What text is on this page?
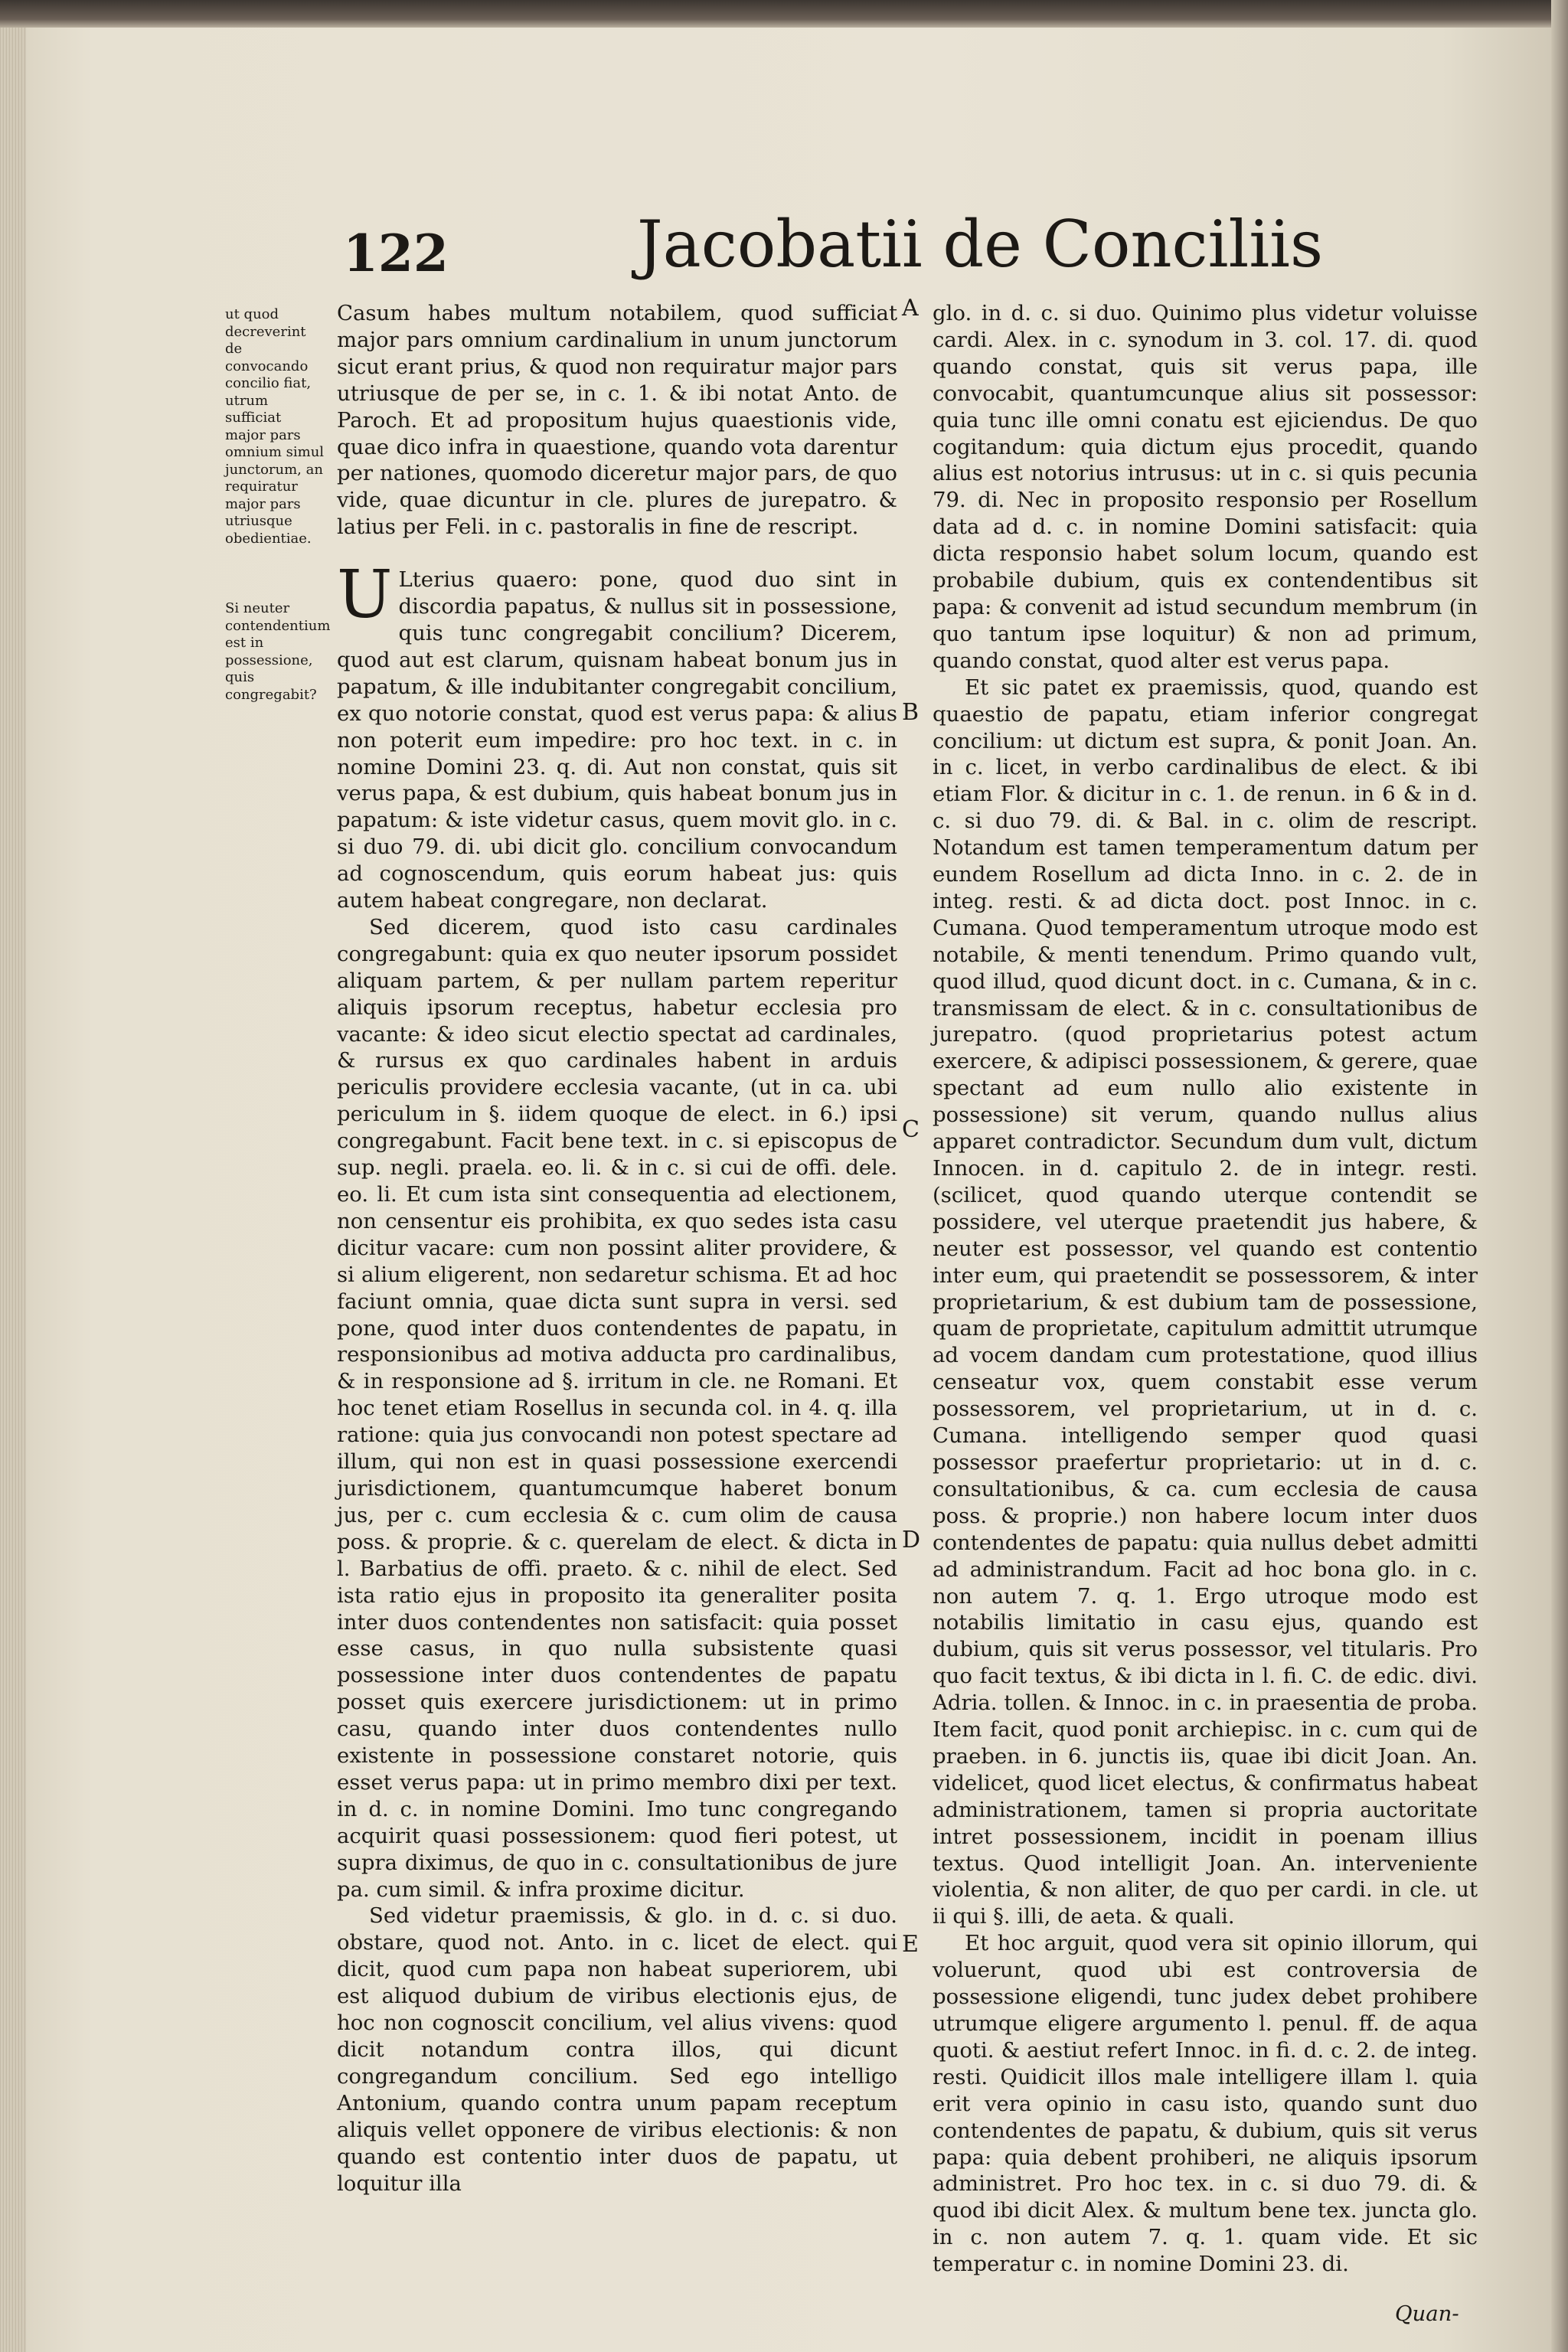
122	Jacobatii de Conciliis
ut quod decreverint de convocando concilio fiat, utrum sufficiat major pars omnium simul junctorum, an requiratur major pars utriusque obedientiae.
Si neuter contendentium est in possessione, quis congregabit?

Casum habes multum notabilem, quod sufficiat major pars omnium cardinalium in unum junctorum sicut erant prius, & quod non requiratur major pars utriusque de per se, in c. 1. & ibi notat Anto. de Paroch. Et ad propositum hujus quaestionis vide, quae dico infra in quaestione, quando vota darentur per nationes, quomodo diceretur major pars, de quo vide, quae dicuntur in cle. plures de jurepatro. & latius per Feli. in c. pastoralis in fine de rescript.

U Lterius quaero: pone, quod duo sint in discordia papatus, & nullus sit in possessione, quis tunc congregabit concilium? Dicerem, quod aut est clarum, quisnam habeat bonum jus in papatum, & ille indubitanter congregabit concilium, ex quo notorie constat, quod est verus papa: & alius non poterit eum impedire: pro hoc text. in c. in nomine Domini 23. q. di. Aut non constat, quis sit verus papa, & est dubium, quis habeat bonum jus in papatum: & iste videtur casus, quem movit glo. in c. si duo 79. di. ubi dicit glo. concilium convocandum ad cognoscendum, quis eorum habeat jus: quis autem habeat congregare, non declarat.

Sed dicerem, quod isto casu cardinales congregabunt: quia ex quo neuter ipsorum possidet aliquam partem, & per nullam partem reperitur aliquis ipsorum receptus, habetur ecclesia pro vacante: & ideo sicut electio spectat ad cardinales, & rursus ex quo cardinales habent in arduis periculis providere ecclesia vacante, (ut in ca. ubi periculum in §. iidem quoque de elect. in 6.) ipsi congregabunt. Facit bene text. in c. si episcopus de sup. negli. praela. eo. li. & in c. si cui de offi. dele. eo. li. Et cum ista sint consequentia ad electionem, non censentur eis prohibita, ex quo sedes ista casu dicitur vacare: cum non possint aliter providere, & si alium eligerent, non sedaretur schisma. Et ad hoc faciunt omnia, quae dicta sunt supra in versi. sed pone, quod inter duos contendentes de papatu, in responsionibus ad motiva adducta pro cardinalibus, & in responsione ad §. irritum in cle. ne Romani. Et hoc tenet etiam Rosellus in secunda col. in 4. q. illa ratione: quia jus convocandi non potest spectare ad illum, qui non est in quasi possessione exercendi jurisdictionem, quantumcumque haberet bonum jus, per c. cum ecclesia & c. cum olim de causa poss. & proprie. & c. querelam de elect. & dicta in l. Barbatius de offi. praeto. & c. nihil de elect. Sed ista ratio ejus in proposito ita generaliter posita inter duos contendentes non satisfacit: quia posset esse casus, in quo nulla subsistente quasi possessione inter duos contendentes de papatu posset quis exercere jurisdictionem: ut in primo casu, quando inter duos contendentes nullo existente in possessione constaret notorie, quis esset verus papa: ut in primo membro dixi per text. in d. c. in nomine Domini. Imo tunc congregando acquirit quasi possessionem: quod fieri potest, ut supra diximus, de quo in c. consultationibus de jure pa. cum simil. & infra proxime dicitur.

Sed videtur praemissis, & glo. in d. c. si duo. obstare, quod not. Anto. in c. licet de elect. qui dicit, quod cum papa non habeat superiorem, ubi est aliquod dubium de viribus electionis ejus, de hoc non cognoscit concilium, vel alius vivens: quod dicit notandum contra illos, qui dicunt congregandum concilium. Sed ego intelligo Antonium, quando contra unum papam receptum aliquis vellet opponere de viribus electionis: & non quando est contentio inter duos de papatu, ut loquitur illa

A
B
C
D
E

glo. in d. c. si duo. Quinimo plus videtur voluisse cardi. Alex. in c. synodum in 3. col. 17. di. quod quando constat, quis sit verus papa, ille convocabit, quantumcunque alius sit possessor: quia tunc ille omni conatu est ejiciendus. De quo cogitandum: quia dictum ejus procedit, quando alius est notorius intrusus: ut in c. si quis pecunia 79. di. Nec in proposito responsio per Rosellum data ad d. c. in nomine Domini satisfacit: quia dicta responsio habet solum locum, quando est probabile dubium, quis ex contendentibus sit papa: & convenit ad istud secundum membrum (in quo tantum ipse loquitur) & non ad primum, quando constat, quod alter est verus papa.

Et sic patet ex praemissis, quod, quando est quaestio de papatu, etiam inferior congregat concilium: ut dictum est supra, & ponit Joan. An. in c. licet, in verbo cardinalibus de elect. & ibi etiam Flor. & dicitur in c. 1. de renun. in 6 & in d. c. si duo 79. di. & Bal. in c. olim de rescript. Notandum est tamen temperamentum datum per eundem Rosellum ad dicta Inno. in c. 2. de in integ. resti. & ad dicta doct. post Innoc. in c. Cumana. Quod temperamentum utroque modo est notabile, & menti tenendum. Primo quando vult, quod illud, quod dicunt doct. in c. Cumana, & in c. transmissam de elect. & in c. consultationibus de jurepatro. (quod proprietarius potest actum exercere, & adipisci possessionem, & gerere, quae spectant ad eum nullo alio existente in possessione) sit verum, quando nullus alius apparet contradictor. Secundum dum vult, dictum Innocen. in d. capitulo 2. de in integr. resti. (scilicet, quod quando uterque contendit se possidere, vel uterque praetendit jus habere, & neuter est possessor, vel quando est contentio inter eum, qui praetendit se possessorem, & inter proprietarium, & est dubium tam de possessione, quam de proprietate, capitulum admittit utrumque ad vocem dandam cum protestatione, quod illius censeatur vox, quem constabit esse verum possessorem, vel proprietarium, ut in d. c. Cumana. intelligendo semper quod quasi possessor praefertur proprietario: ut in d. c. consultationibus, & ca. cum ecclesia de causa poss. & proprie.) non habere locum inter duos contendentes de papatu: quia nullus debet admitti ad administrandum. Facit ad hoc bona glo. in c. non autem 7. q. 1. Ergo utroque modo est notabilis limitatio in casu ejus, quando est dubium, quis sit verus possessor, vel titularis. Pro quo facit textus, & ibi dicta in l. fi. C. de edic. divi. Adria. tollen. & Innoc. in c. in praesentia de proba. Item facit, quod ponit archiepisc. in c. cum qui de praeben. in 6. junctis iis, quae ibi dicit Joan. An. videlicet, quod licet electus, & confirmatus habeat administrationem, tamen si propria auctoritate intret possessionem, incidit in poenam illius textus. Quod intelligit Joan. An. interveniente violentia, & non aliter, de quo per cardi. in cle. ut ii qui §. illi, de aeta. & quali.

Et hoc arguit, quod vera sit opinio illorum, qui voluerunt, quod ubi est controversia de possessione eligendi, tunc judex debet prohibere utrumque eligere argumento l. penul. ff. de aqua quoti. & aestiut refert Innoc. in fi. d. c. 2. de integ. resti. Quidicit illos male intelligere illam l. quia erit vera opinio in casu isto, quando sunt duo contendentes de papatu, & dubium, quis sit verus papa: quia debent prohiberi, ne aliquis ipsorum administret. Pro hoc tex. in c. si duo 79. di. & quod ibi dicit Alex. & multum bene tex. juncta glo. in c. non autem 7. q. 1. quam vide. Et sic temperatur c. in nomine Domini 23. di.

Quan-
